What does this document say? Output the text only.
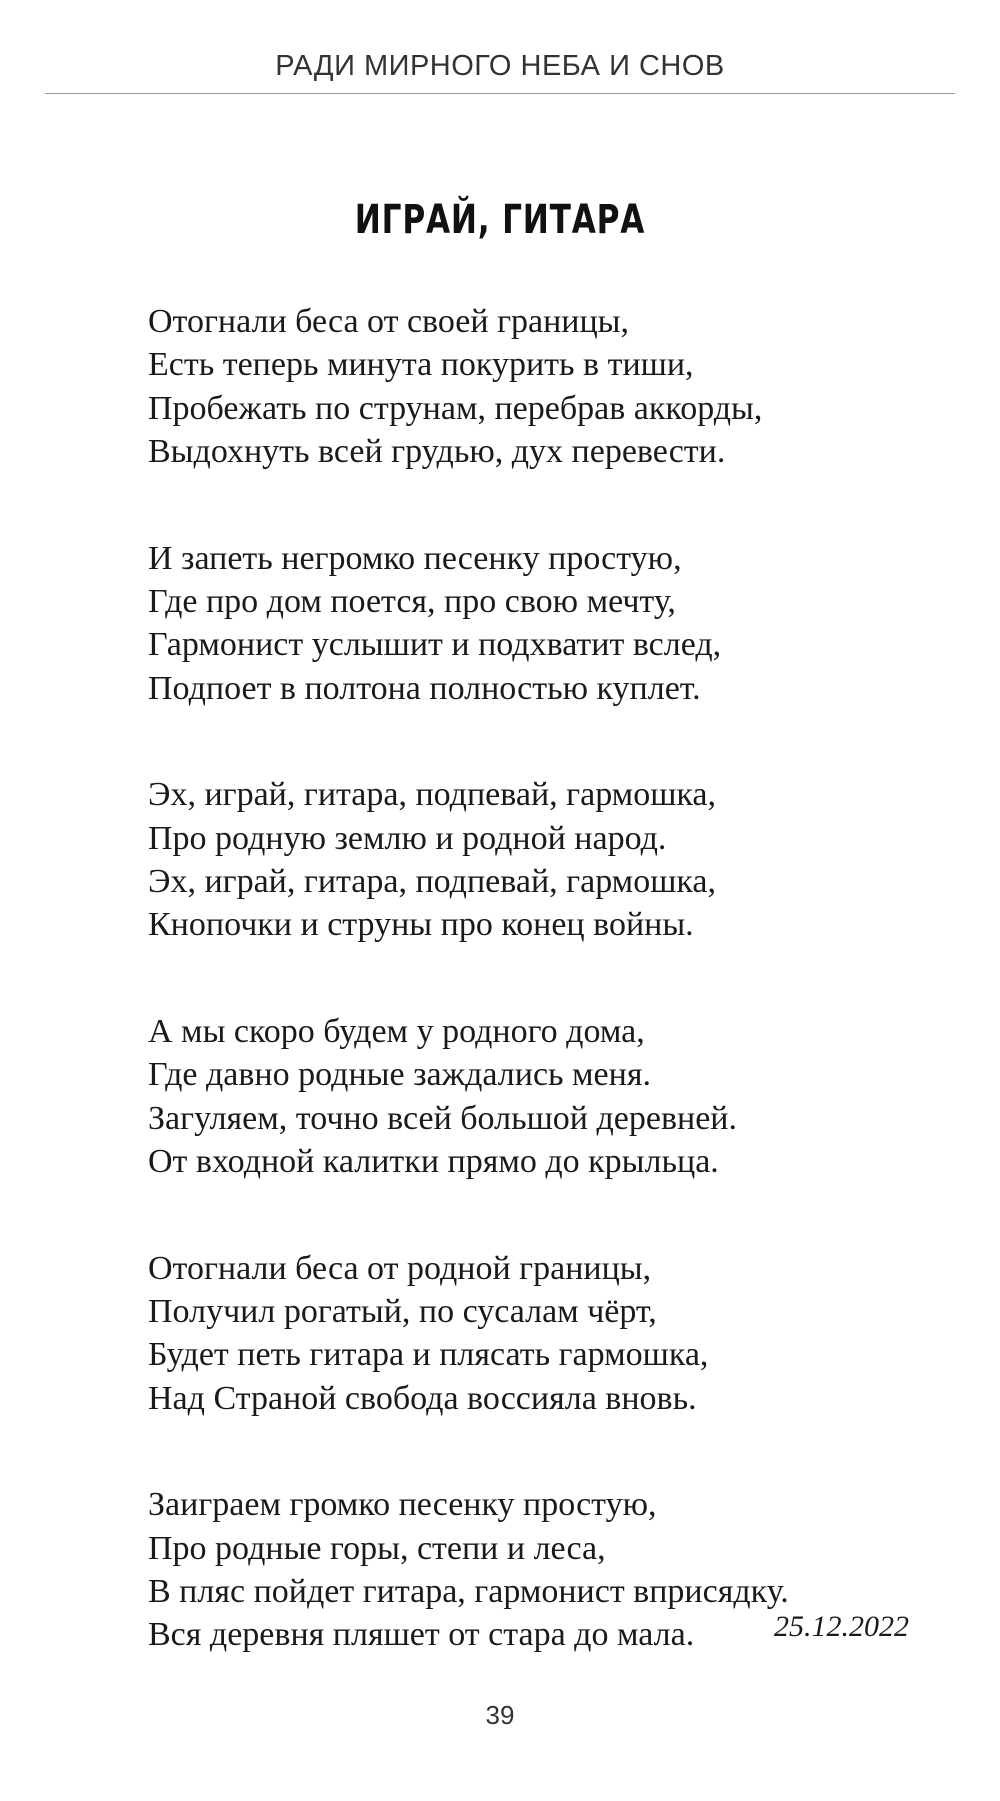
РАДИ МИРНОГО НЕБА И СНОВ
ИГРАЙ, ГИТАРА
Отогнали беса от своей границы,
Есть теперь минута покурить в тиши,
Пробежать по струнам, перебрав аккорды,
Выдохнуть всей грудью, дух перевести.
И запеть негромко песенку простую,
Где про дом поется, про свою мечту,
Гармонист услышит и подхватит вслед,
Подпоет в полтона полностью куплет.
Эх, играй, гитара, подпевай, гармошка,
Про родную землю и родной народ.
Эх, играй, гитара, подпевай, гармошка,
Кнопочки и струны про конец войны.
А мы скоро будем у родного дома,
Где давно родные заждались меня.
Загуляем, точно всей большой деревней.
От входной калитки прямо до крыльца.
Отогнали беса от родной границы,
Получил рогатый, по сусалам чёрт,
Будет петь гитара и плясать гармошка,
Над Страной свобода воссияла вновь.
Заиграем громко песенку простую,
Про родные горы, степи и леса,
В пляс пойдет гитара, гармонист вприсядку.
Вся деревня пляшет от стара до мала.	25.12.2022
39
